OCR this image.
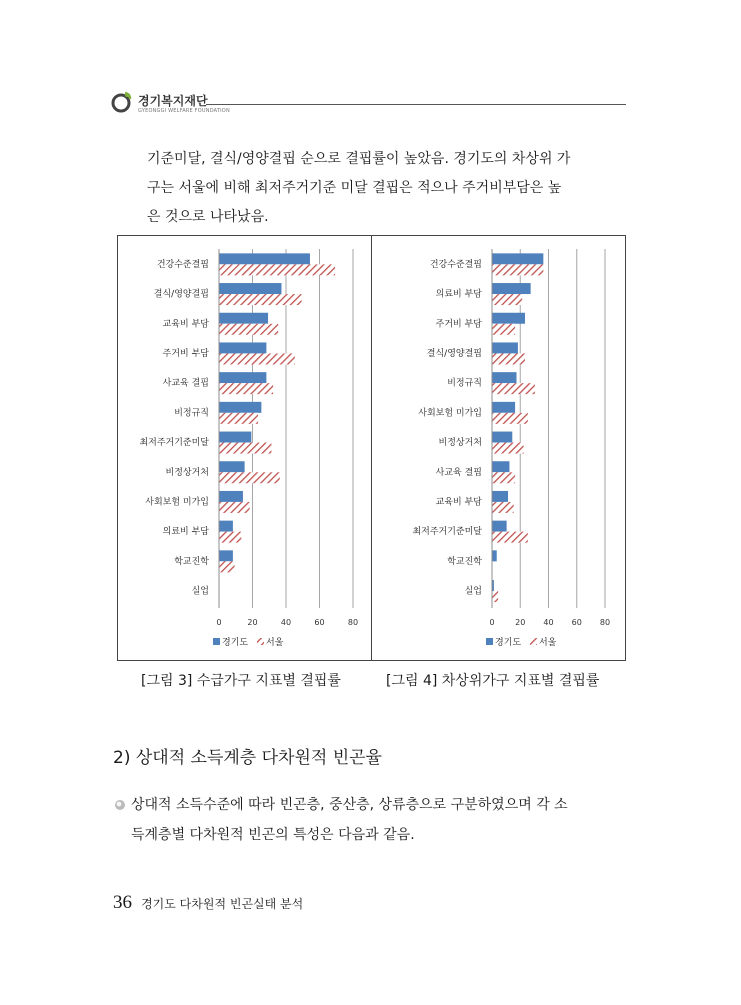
경기복지재단
GYEONGGI WELFARE FOUNDATION
기준미달, 결식/영양결핍 순으로 결핍률이 높았음. 경기도의 차상위 가
구는 서울에 비해 최저주거기준 미달 결핍은 적으나 주거비부담은 높
은 것으로 나타났음.
0	20	40	60	80
건강수준결핍
결식/영양결핍
교육비 부담
주거비 부담
사교육 결핍
비정규직
최저주거기준미달
비정상거처
사회보험 미가입
의료비 부담
학교진학
실업
경기도 서울
0	20 40 60 80
건강수준결핍
의료비 부담
주거비 부담
결식/영양결핍
비정규직
사회보험 미가입
비정상거처
사교육 결핍
교육비 부담
최저주거기준미달
학교진학
실업
경기도 서울
[그림 3] 수급가구 지표별 결핍률	[그림 4] 차상위가구 지표별 결핍률
2) 상대적 소득계층 다차원적 빈곤율
상대적 소득수준에 따라 빈곤층, 중산층, 상류층으로 구분하였으며 각 소
득계층별 다차원적 빈곤의 특성은 다음과 같음.
36 경기도 다차원적 빈곤실태 분석
